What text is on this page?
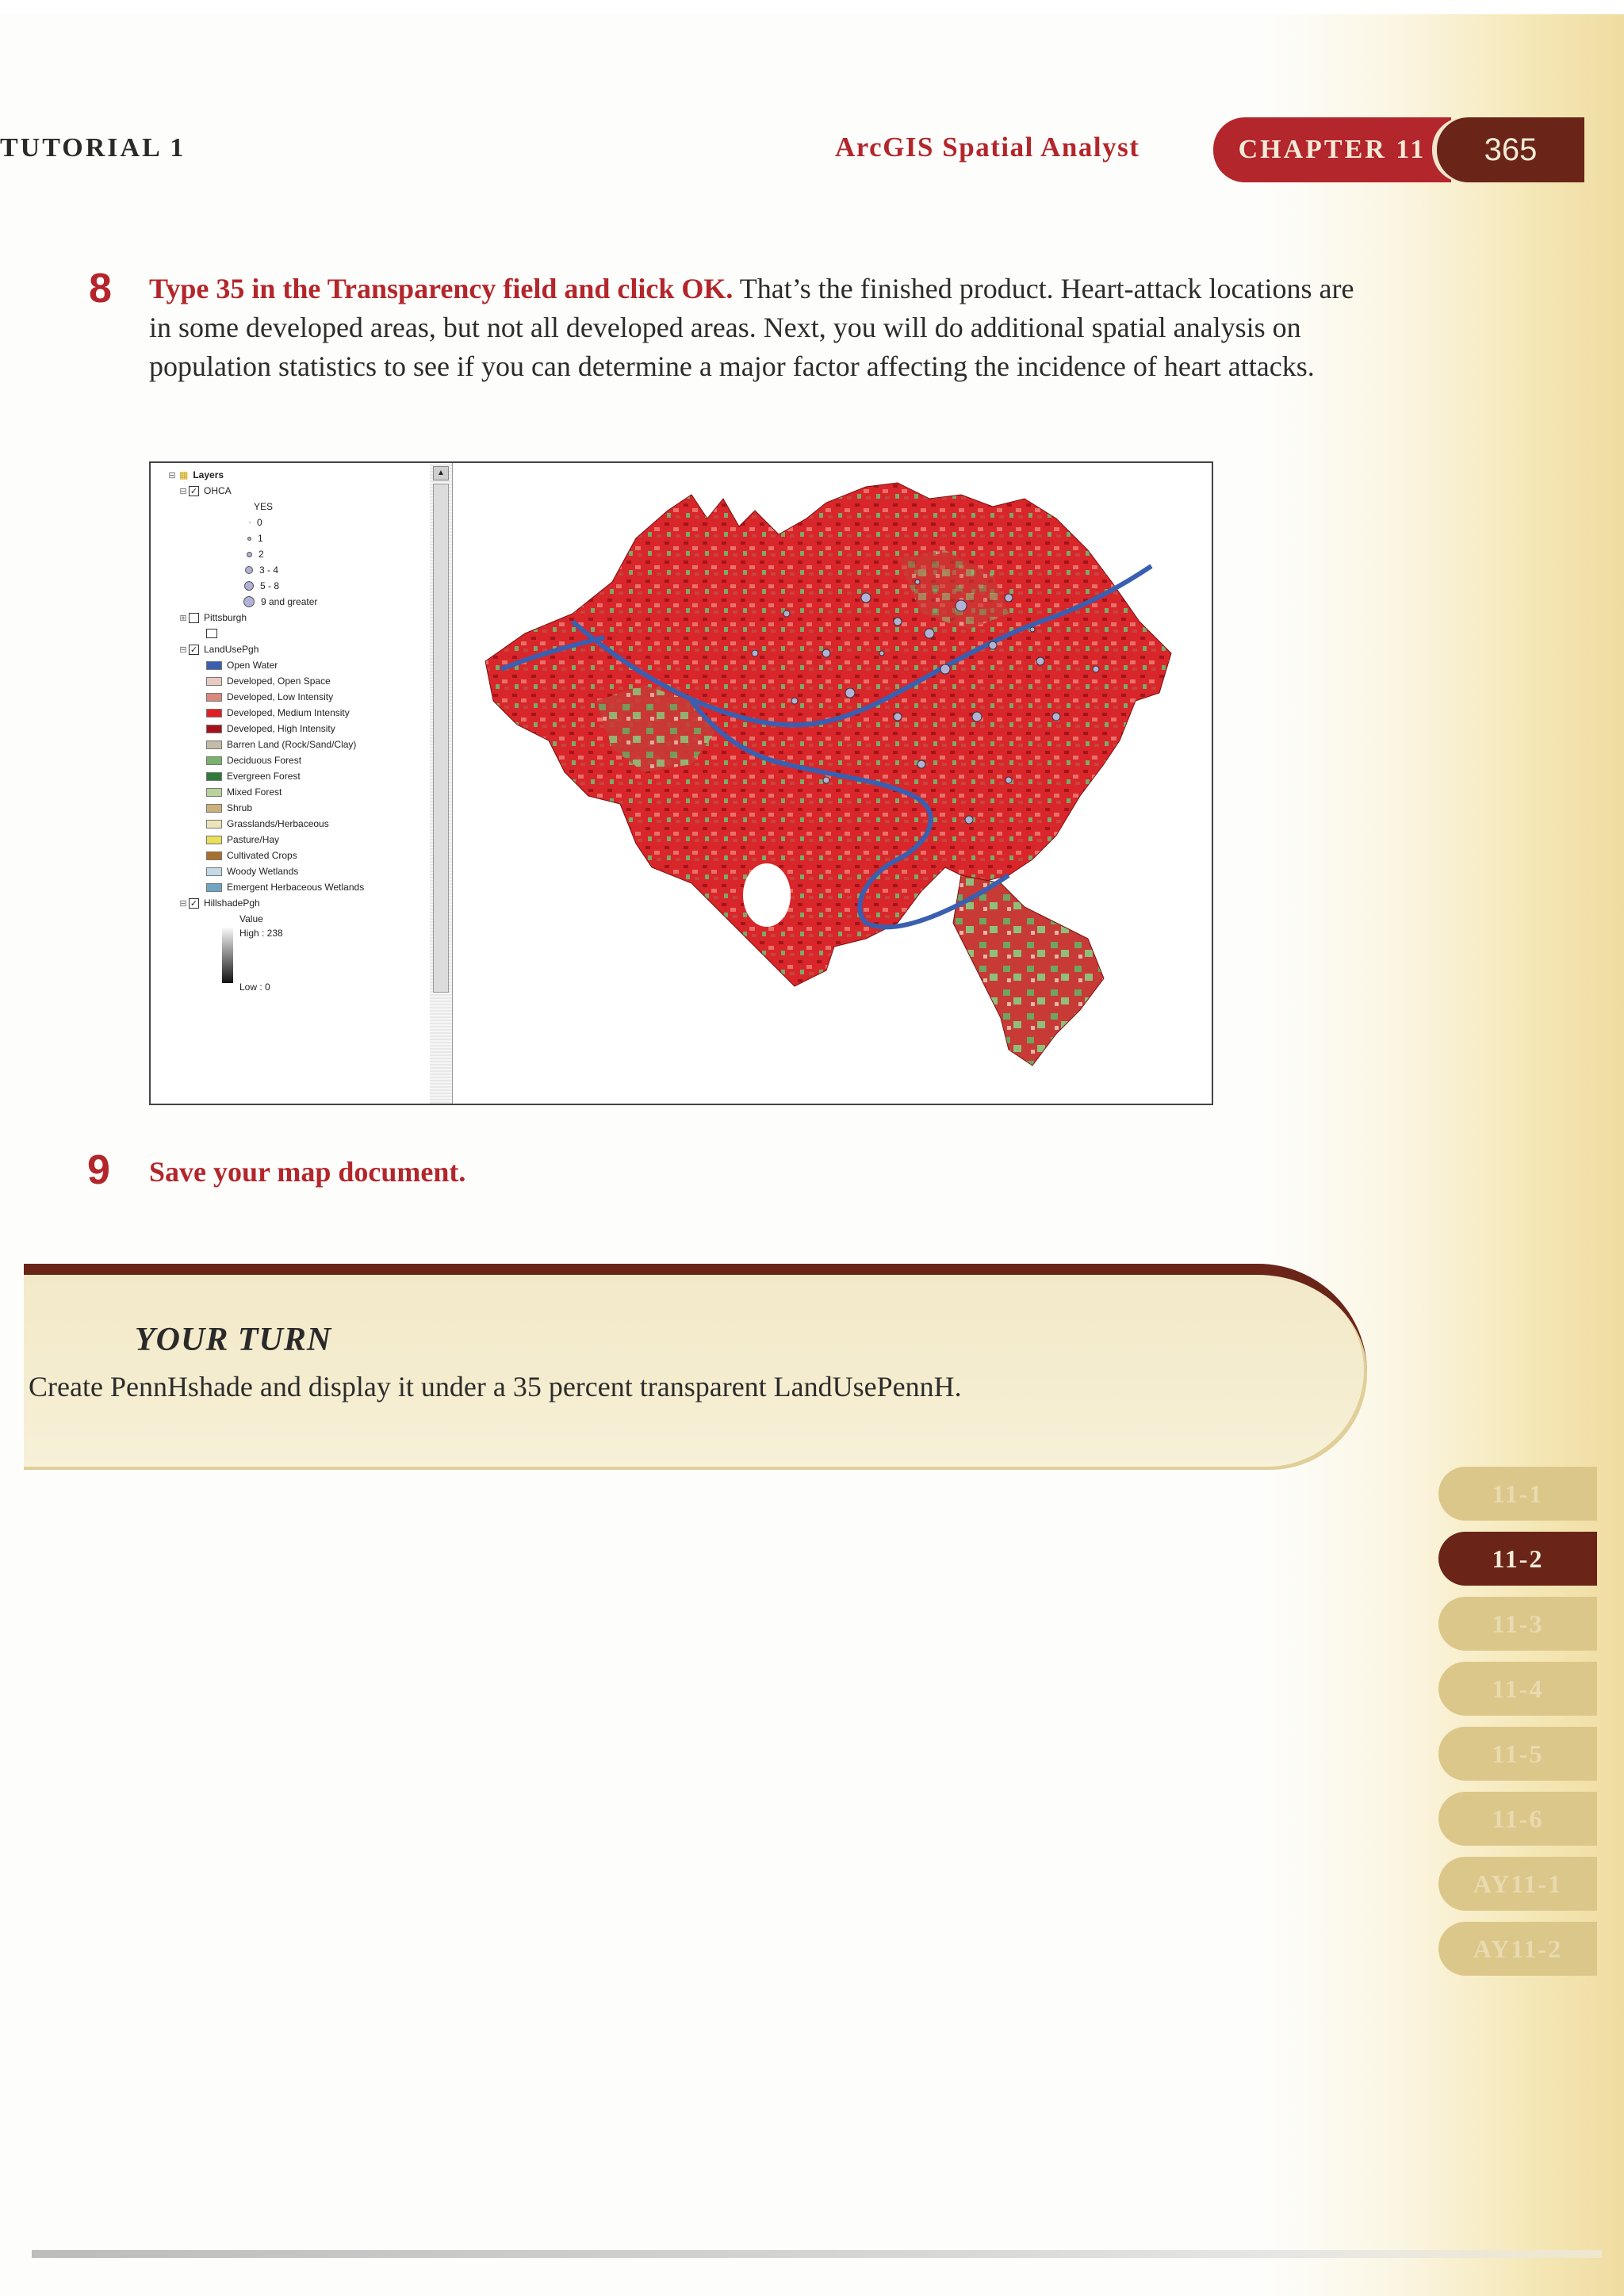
TUTORIAL 1	ArcGIS Spatial Analyst	CHAPTER 11 365
8 Type 35 in the Transparency field and click OK. That’s the finished product. Heart-attack locations are in some developed areas, but not all developed areas. Next, you will do additional spatial analysis on population statistics to see if you can determine a major factor affecting the incidence of heart attacks.
⊟ ▦ Layers
⊟ ✓ OHCA
YES
0
1
2
3 - 4
5 - 8
9 and greater
⊞ Pittsburgh
⊟ ✓ LandUsePgh
Open Water
Developed, Open Space
Developed, Low Intensity
Developed, Medium Intensity
Developed, High Intensity
Barren Land (Rock/Sand/Clay)
Deciduous Forest
Evergreen Forest
Mixed Forest
Shrub
Grasslands/Herbaceous
Pasture/Hay
Cultivated Crops
Woody Wetlands
Emergent Herbaceous Wetlands
⊟ ✓ HillshadePgh
Value
High : 238
Low : 0
▲
9 Save your map document.
YOUR TURN
Create PennHshade and display it under a 35 percent transparent LandUsePennH.
11-1
11-2
11-3
11-4
11-5
11-6
AY11-1
AY11-2
